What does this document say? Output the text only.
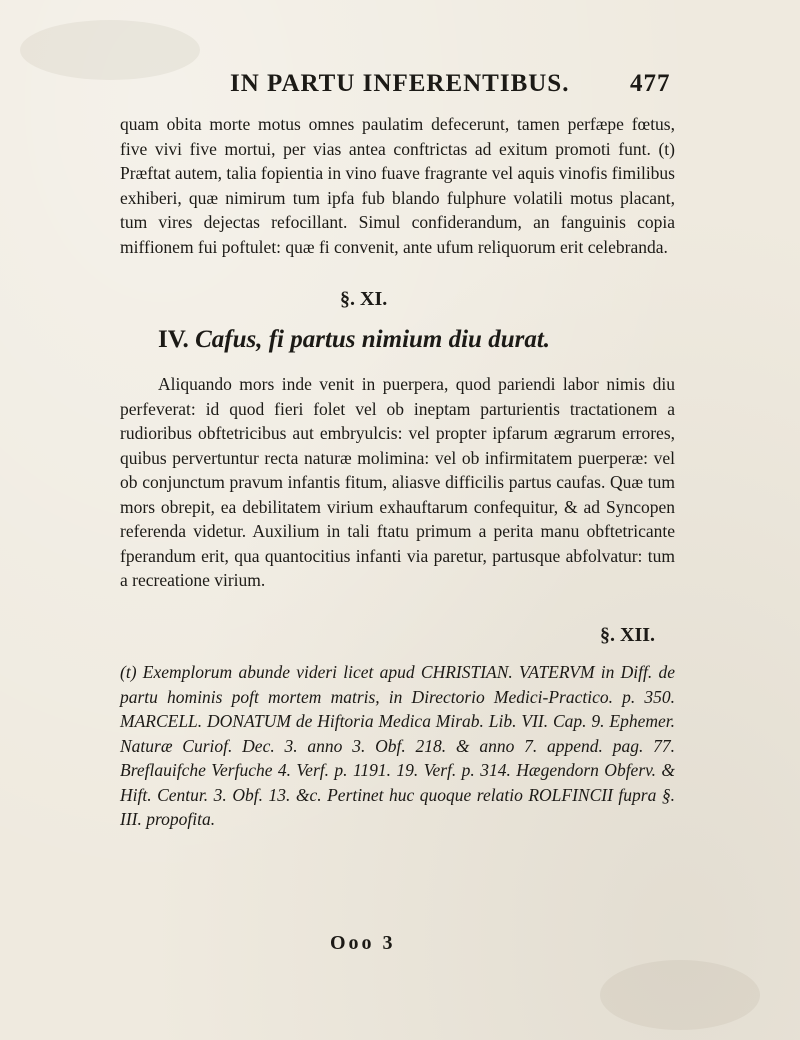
IN PARTU INFERENTIBUS. 477
quam obita morte motus omnes paulatim defecerunt, tamen perfæpe fœtus, five vivi five mortui, per vias antea conftrictas ad exitum promoti funt. (t) Præftat autem, talia fopientia in vino fuave fragrante vel aquis vinofis fimilibus exhiberi, quæ nimirum tum ipfa fub blando fulphure volatili motus placant, tum vires dejectas refocillant. Simul confiderandum, an fanguinis copia miffionem fui poftulet: quæ fi convenit, ante ufum reliquorum erit celebranda.
§. XI.
IV. Cafus, fi partus nimium diu durat.
Aliquando mors inde venit in puerpera, quod pariendi labor nimis diu perfeverat: id quod fieri folet vel ob ineptam parturientis tractationem a rudioribus obftetricibus aut embryulcis: vel propter ipfarum ægrarum errores, quibus pervertuntur recta naturæ molimina: vel ob infirmitatem puerperæ: vel ob conjunctum pravum infantis fitum, aliasve difficilis partus caufas. Quæ tum mors obrepit, ea debilitatem virium exhauftarum confequitur, & ad Syncopen referenda videtur. Auxilium in tali ftatu primum a perita manu obftetricante fperandum erit, qua quantocitius infanti via paretur, partusque abfolvatur: tum a recreatione virium.
§. XII.
(t) Exemplorum abunde videri licet apud CHRISTIAN. VATERVM in Diff. de partu hominis poft mortem matris, in Directorio Medici-Practico. p. 350. MARCELL. DONATUM de Hiftoria Medica Mirab. Lib. VII. Cap. 9. Ephemer. Naturæ Curiof. Dec. 3. anno 3. Obf. 218. & anno 7. append. pag. 77. Breflauifche Verfuche 4. Verf. p. 1191. 19. Verf. p. 314. Hægendorn Obferv. & Hift. Centur. 3. Obf. 13. &c. Pertinet huc quoque relatio ROLFINCII fupra §. III. propofita.
Ooo 3
